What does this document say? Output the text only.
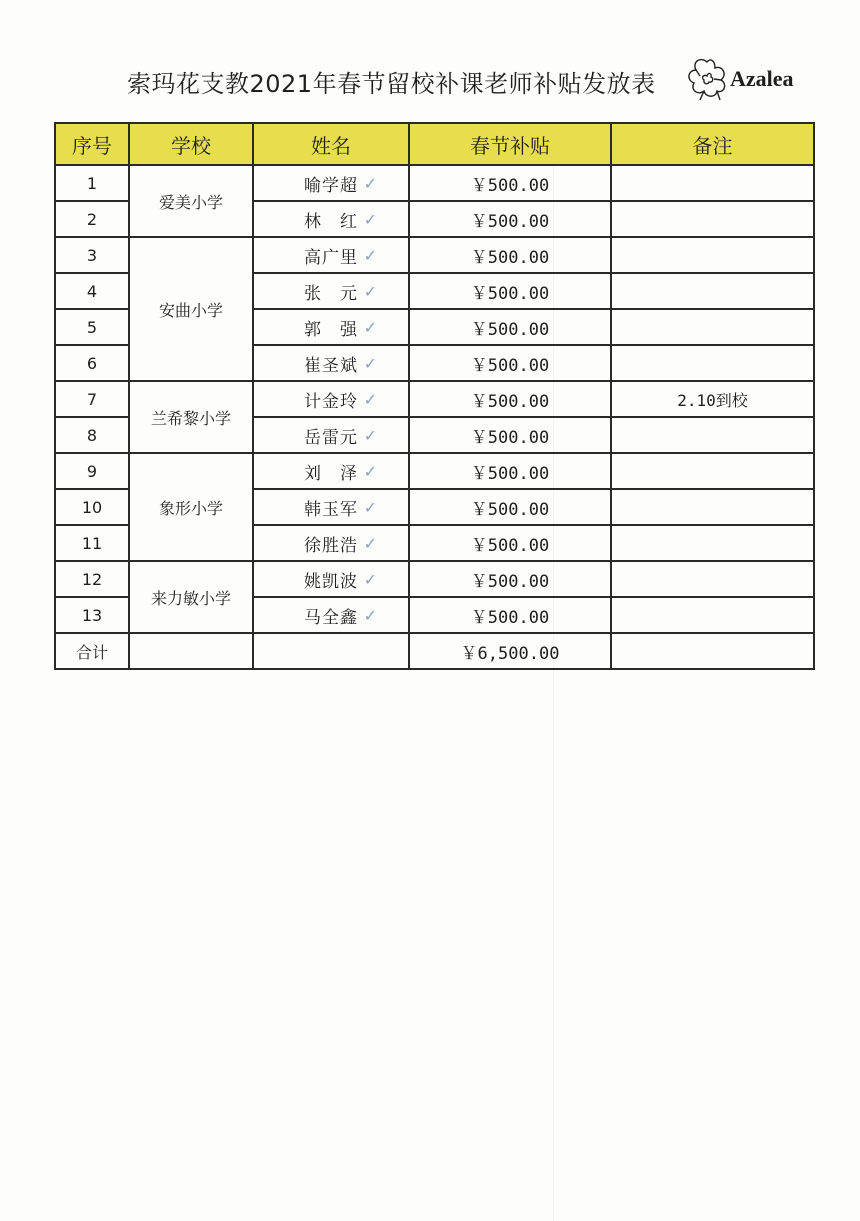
索玛花支教2021年春节留校补课老师补贴发放表	Azalea
序号	学校	姓名	春节补贴	备注
1	爱美小学	喻学超 ✓	￥500.00	
2		林　红 ✓	￥500.00	
3	安曲小学	高广里 ✓	￥500.00	
4		张　元 ✓	￥500.00	
5		郭　强 ✓	￥500.00	
6		崔圣斌 ✓	￥500.00	
7	兰希黎小学	计金玲 ✓	￥500.00	2.10到校
8		岳雷元 ✓	￥500.00	
9	象形小学	刘　泽 ✓	￥500.00	
10		韩玉军 ✓	￥500.00	
11		徐胜浩 ✓	￥500.00	
12	来力敏小学	姚凯波 ✓	￥500.00	
13		马全鑫 ✓	￥500.00	
合计			￥6,500.00	
